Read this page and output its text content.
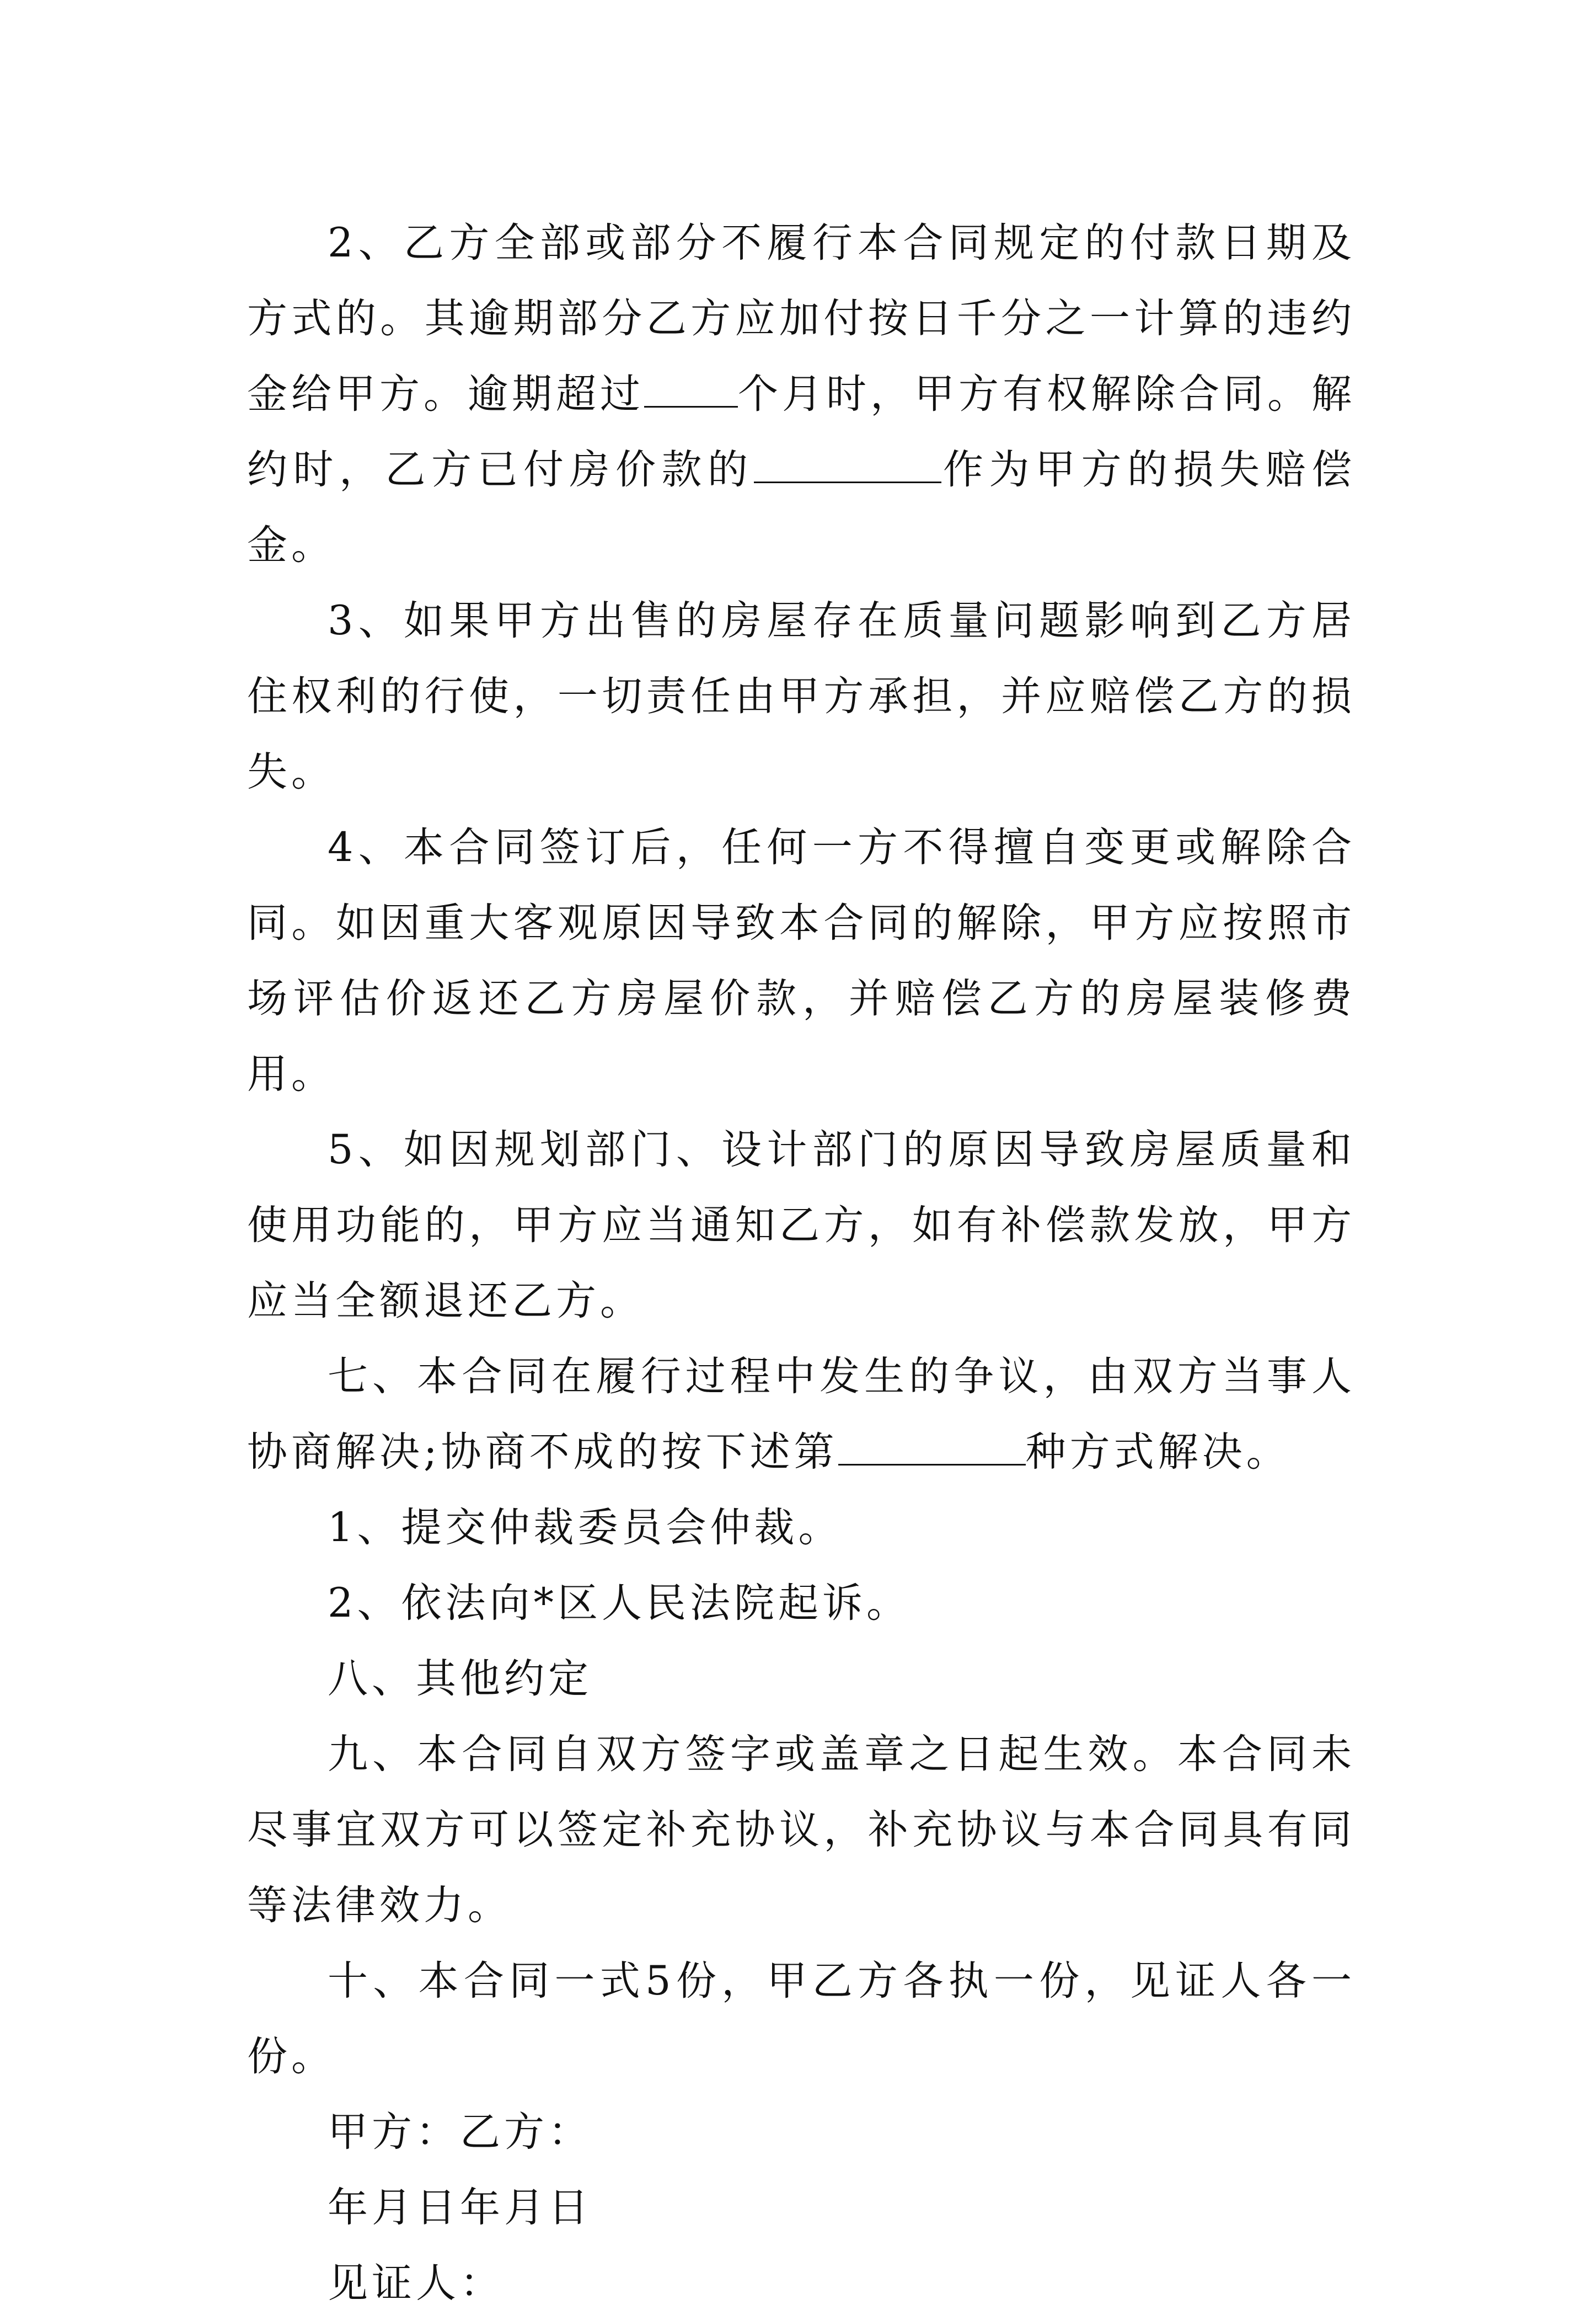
2、乙方全部或部分不履行本合同规定的付款日期及方式的。其逾期部分乙方应加付按日千分之一计算的违约金给甲方。逾期超过 个月时，甲方有权解除合同。解约时，乙方已付房价款的	作为甲方的损失赔偿金。

3、如果甲方出售的房屋存在质量问题影响到乙方居住权利的行使，一切责任由甲方承担，并应赔偿乙方的损失。

4、本合同签订后，任何一方不得擅自变更或解除合同。如因重大客观原因导致本合同的解除，甲方应按照市场评估价返还乙方房屋价款，并赔偿乙方的房屋装修费用。

5、如因规划部门、设计部门的原因导致房屋质量和使用功能的，甲方应当通知乙方，如有补偿款发放，甲方应当全额退还乙方。

七、本合同在履行过程中发生的争议，由双方当事人协商解决;协商不成的按下述第	种方式解决。

1、提交仲裁委员会仲裁。

2、依法向*区人民法院起诉。

八、其他约定

九、本合同自双方签字或盖章之日起生效。本合同未尽事宜双方可以签定补充协议，补充协议与本合同具有同等法律效力。

十、本合同一式5份，甲乙方各执一份，见证人各一份。

甲方：乙方：

年月日年月日

见证人：
